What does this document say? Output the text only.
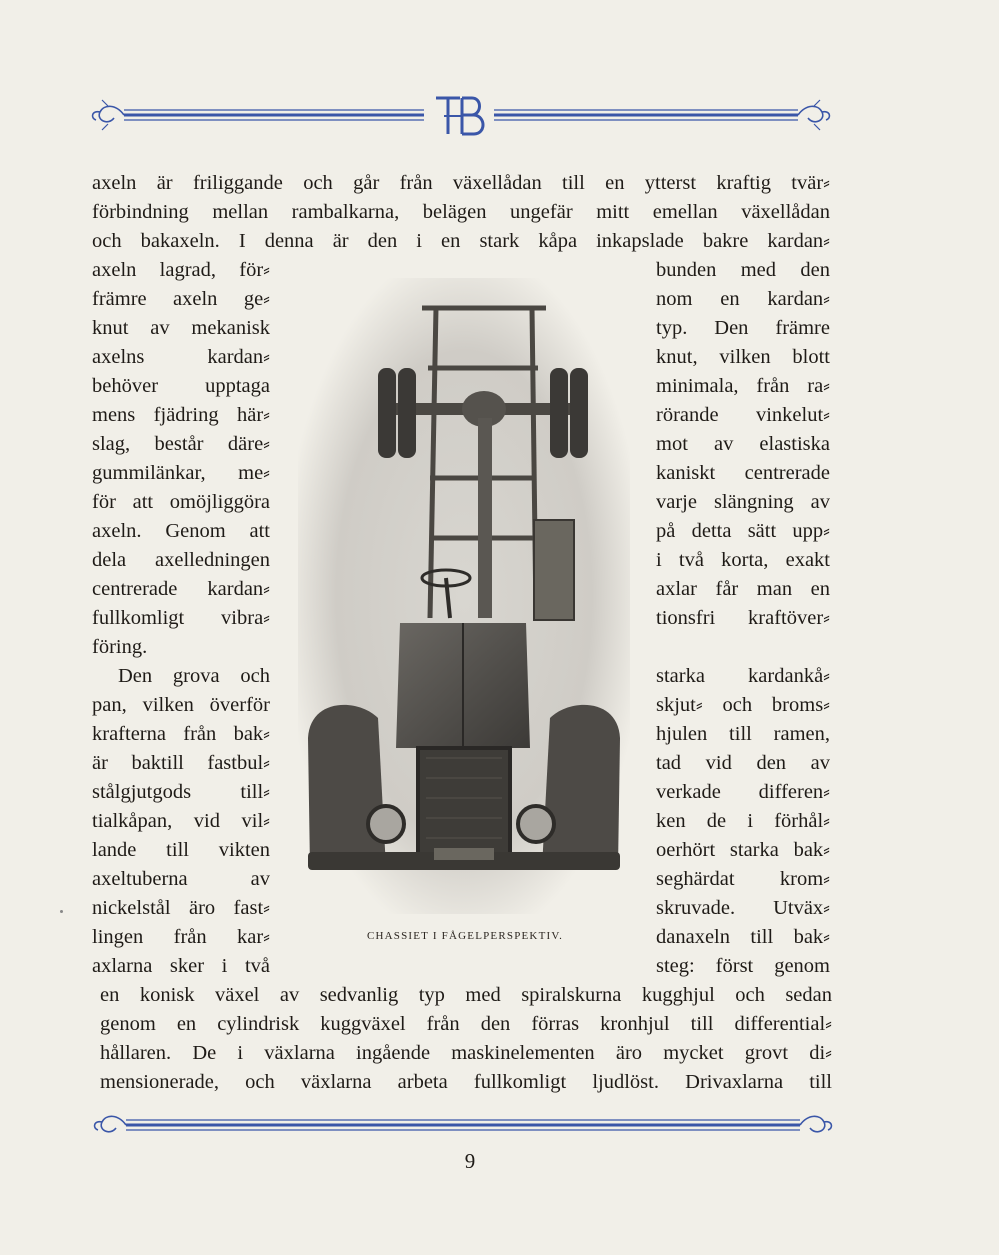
axeln är friliggande och går från växellådan till en ytterst kraftig tvär⸗
förbindning mellan rambalkarna, belägen ungefär mitt emellan växellådan
och bakaxeln. I denna är den i en stark kåpa inkapslade bakre kardan⸗
axeln lagrad, för⸗
främre axeln ge⸗
knut av mekanisk
axelns kardan⸗
behöver upptaga
mens fjädring här⸗
slag, består däre⸗
gummilänkar, me⸗
för att omöjliggöra
axeln. Genom att
dela axelledningen
centrerade kardan⸗
fullkomligt vibra⸗
föring.
Den grova och
pan, vilken överför
krafterna från bak⸗
är baktill fastbul⸗
stålgjutgods till⸗
tialkåpan, vid vil⸗
lande till vikten
axeltuberna av
nickelstål äro fast⸗
lingen från kar⸗
axlarna sker i två
bunden med den
nom en kardan⸗
typ. Den främre
knut, vilken blott
minimala, från ra⸗
rörande vinkelut⸗
mot av elastiska
kaniskt centrerade
varje slängning av
på detta sätt upp⸗
i två korta, exakt
axlar får man en
tionsfri kraftöver⸗
starka kardankå⸗
skjut⸗ och broms⸗
hjulen till ramen,
tad vid den av
verkade differen⸗
ken de i förhål⸗
oerhört starka bak⸗
seghärdat krom⸗
skruvade. Utväx⸗
danaxeln till bak⸗
steg: först genom
CHASSIET I FÅGELPERSPEKTIV.
en konisk växel av sedvanlig typ med spiralskurna kugghjul och sedan
genom en cylindrisk kuggväxel från den förras kronhjul till differential⸗
hållaren. De i växlarna ingående maskinelementen äro mycket grovt di⸗
mensionerade, och växlarna arbeta fullkomligt ljudlöst. Drivaxlarna till
9
